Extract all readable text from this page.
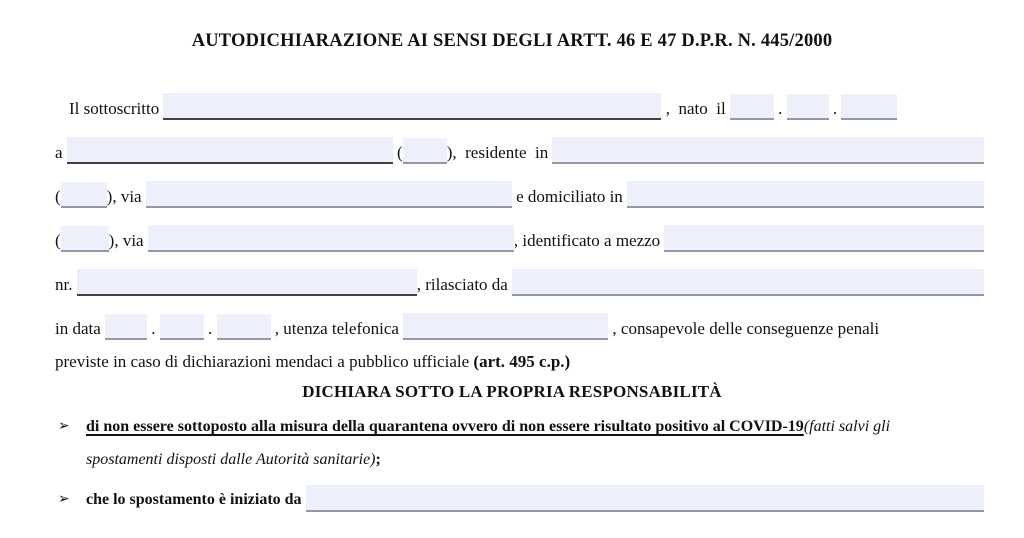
AUTODICHIARAZIONE AI SENSI DEGLI ARTT. 46 E 47 D.P.R. N. 445/2000
Il sottoscritto	,  nato  il	. .
a	(	),  residente  in
(	), via	e domiciliato in
(	), via	, identificato a mezzo
nr.	, rilasciato da
in data .	.	, utenza telefonica	, consapevole delle conseguenze penali
previste in caso di dichiarazioni mendaci a pubblico ufficiale (art. 495 c.p.)
DICHIARA SOTTO LA PROPRIA RESPONSABILITÀ
➢	di non essere sottoposto alla misura della quarantena ovvero di non essere risultato positivo al COVID-19(fatti salvi gli spostamenti disposti dalle Autorità sanitarie);
➢	che lo spostamento è iniziato da
